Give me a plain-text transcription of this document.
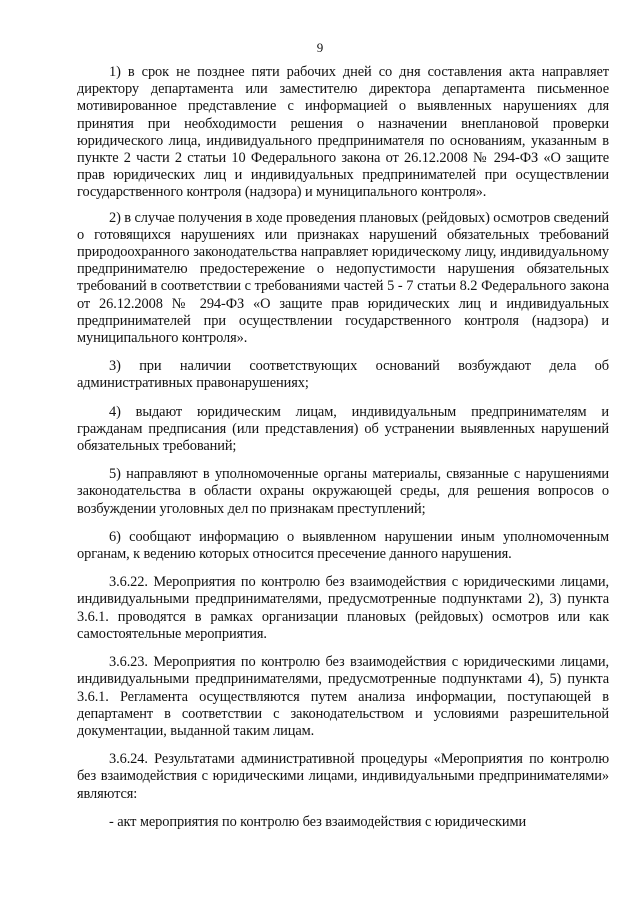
9

1) в срок не позднее пяти рабочих дней со дня составления акта направляет директору департамента или заместителю директора департамента письменное мотивированное представление с информацией о выявленных нарушениях для принятия при необходимости решения о назначении внеплановой проверки юридического лица, индивидуального предпринимателя по основаниям, указанным в пункте 2 части 2 статьи 10 Федерального закона от 26.12.2008 № 294-ФЗ «О защите прав юридических лиц и индивидуальных предпринимателей при осуществлении государственного контроля (надзора) и муниципального контроля».

2) в случае получения в ходе проведения плановых (рейдовых) осмотров сведений о готовящихся нарушениях или признаках нарушений обязательных требований природоохранного законодательства направляет юридическому лицу, индивидуальному предпринимателю предостережение о недопустимости нарушения обязательных требований в соответствии с требованиями частей 5 - 7 статьи 8.2 Федерального закона от 26.12.2008 № 294-ФЗ «О защите прав юридических лиц и индивидуальных предпринимателей при осуществлении государственного контроля (надзора) и муниципального контроля».

3) при наличии соответствующих оснований возбуждают дела об административных правонарушениях;

4) выдают юридическим лицам, индивидуальным предпринимателям и гражданам предписания (или представления) об устранении выявленных нарушений обязательных требований;

5) направляют в уполномоченные органы материалы, связанные с нарушениями законодательства в области охраны окружающей среды, для решения вопросов о возбуждении уголовных дел по признакам преступлений;

6) сообщают информацию о выявленном нарушении иным уполномоченным органам, к ведению которых относится пресечение данного нарушения.

3.6.22. Мероприятия по контролю без взаимодействия с юридическими лицами, индивидуальными предпринимателями, предусмотренные подпунктами 2), 3) пункта 3.6.1. проводятся в рамках организации плановых (рейдовых) осмотров или как самостоятельные мероприятия.

3.6.23. Мероприятия по контролю без взаимодействия с юридическими лицами, индивидуальными предпринимателями, предусмотренные подпунктами 4), 5) пункта 3.6.1. Регламента осуществляются путем анализа информации, поступающей в департамент в соответствии с законодательством и условиями разрешительной документации, выданной таким лицам.

3.6.24. Результатами административной процедуры «Мероприятия по контролю без взаимодействия с юридическими лицами, индивидуальными предпринимателями» являются:

- акт мероприятия по контролю без взаимодействия с юридическими
